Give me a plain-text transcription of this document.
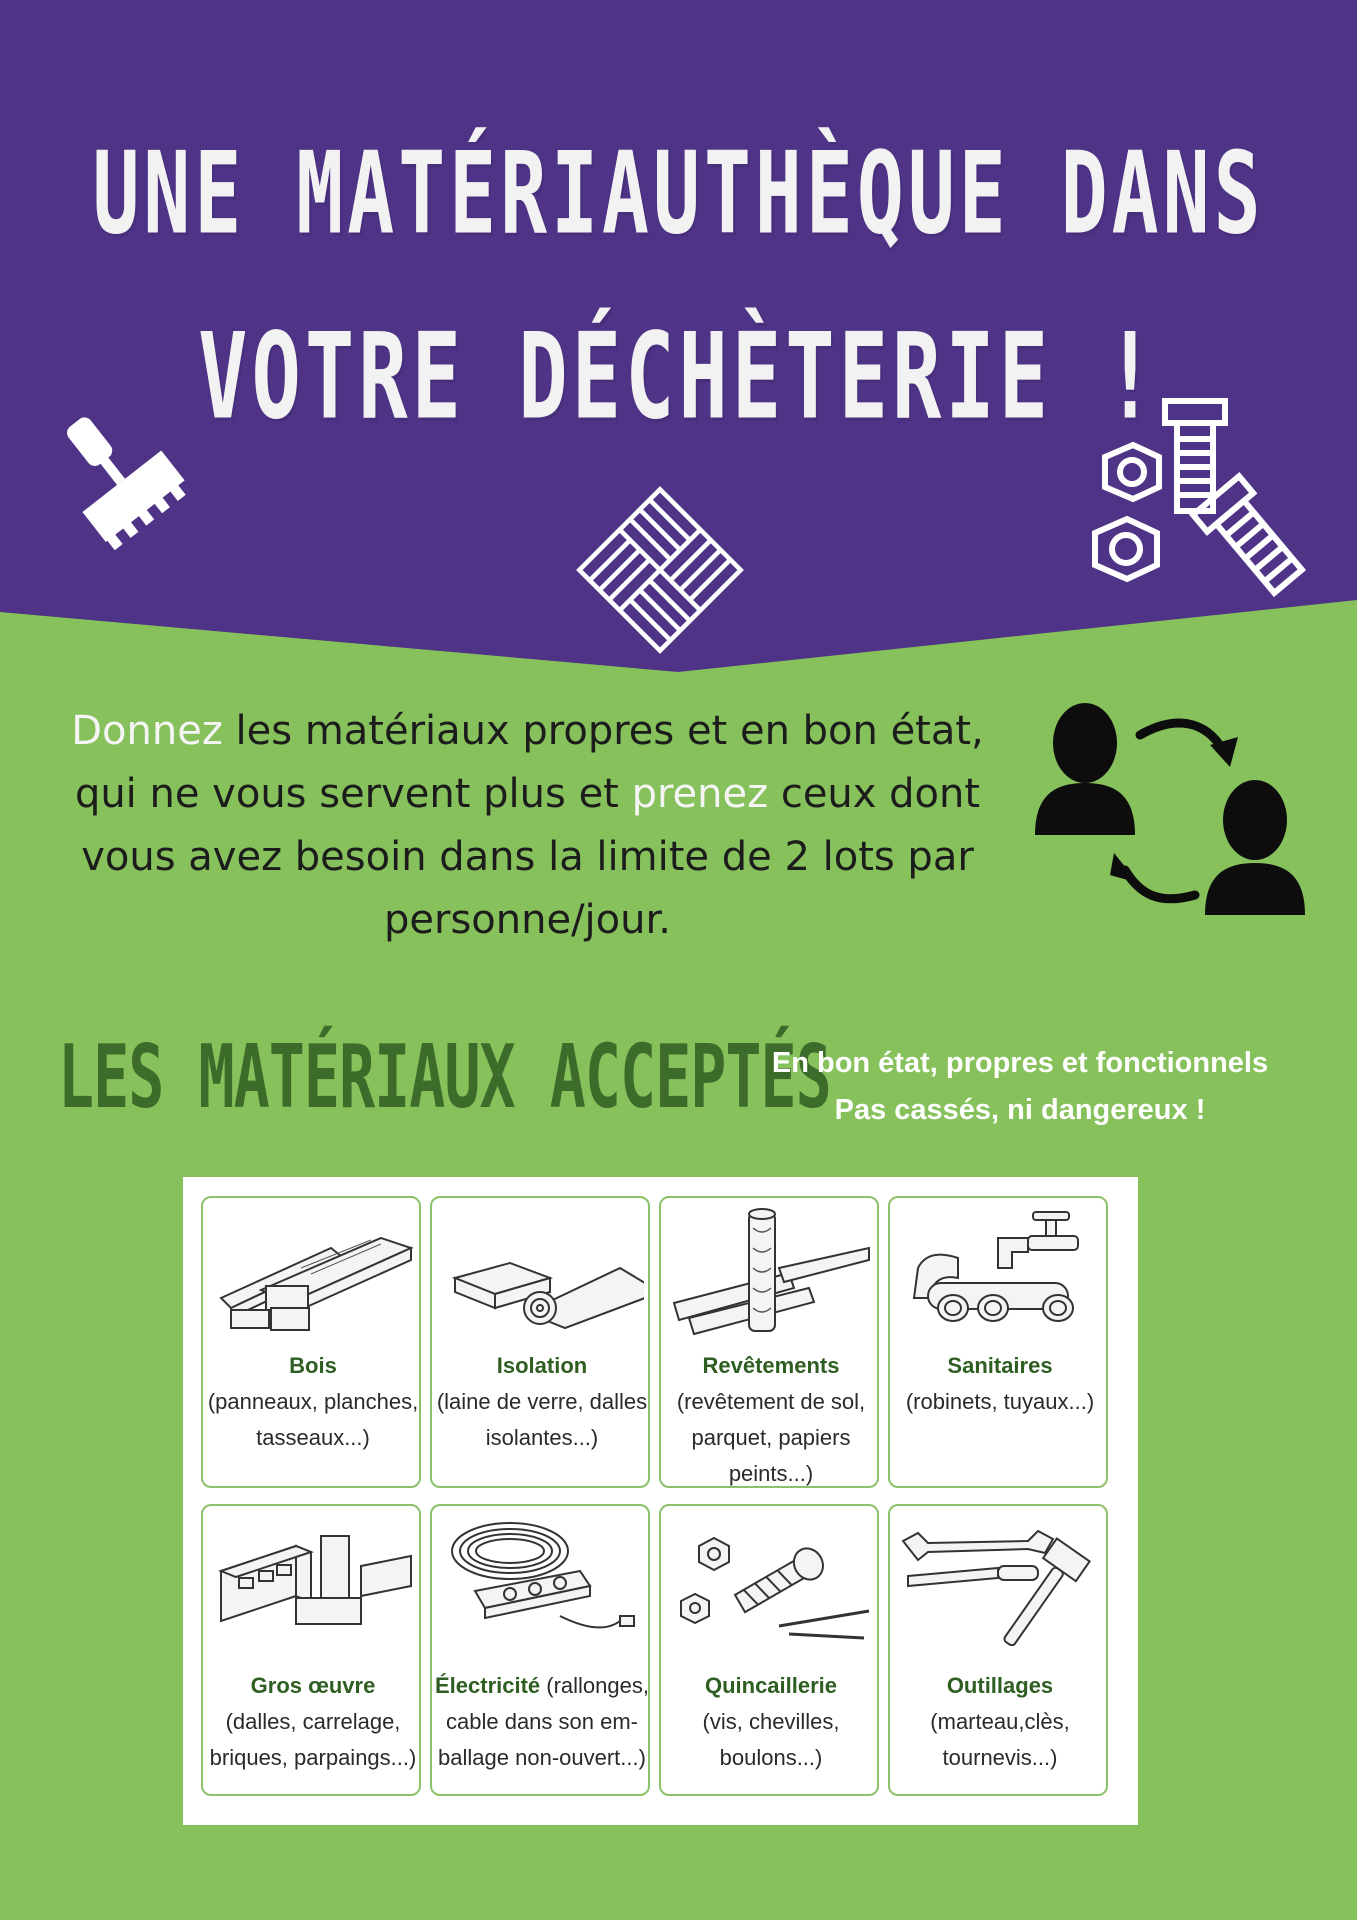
UNE MATÉRIAUTHÈQUE DANS
VOTRE DÉCHÈTERIE !
Donnez les matériaux propres et en bon état, qui ne vous servent plus et prenez ceux dont vous avez besoin dans la limite de 2 lots par personne/jour.
LES MATÉRIAUX ACCEPTÉS
En bon état, propres et fonctionnels
Pas cassés, ni dangereux !
Bois
(panneaux, planches, tasseaux...)
Isolation
(laine de verre, dalles isolantes...)
Revêtements
(revêtement de sol, parquet, papiers peints...)
Sanitaires
(robinets, tuyaux...)
Gros œuvre
(dalles, carrelage, briques, parpaings...)
Électricité (rallonges, cable dans son em-ballage non-ouvert...)
Quincaillerie
(vis, chevilles, boulons...)
Outillages
(marteau,clès, tournevis...)
